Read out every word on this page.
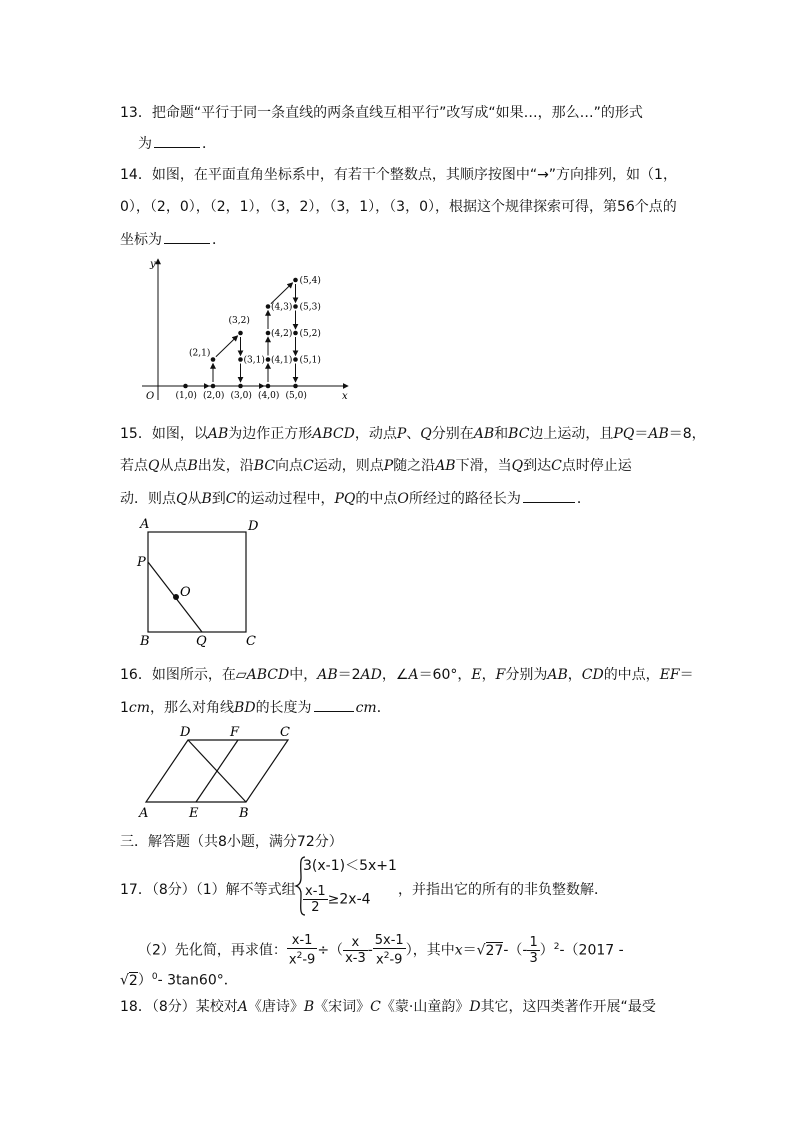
13．把命题“平行于同一条直线的两条直线互相平行”改写成“如果…，那么…”的形式
为	．
14．如图，在平面直角坐标系中，有若干个整数点，其顺序按图中“→”方向排列，如（1，
0），（2，0），（2，1），（3，2），（3，1），（3，0），根据这个规律探索可得，第56个点的
坐标为	．
y
x
O (1,0) (2,0)
(2,1)
(3,2)
(3,1)
(3,0) (4,0)
(4,1)
(4,2)
(4,3)
(5,4)
(5,3)
(5,2)
(5,1)
(5,0)
15．如图，以AB为边作正方形ABCD，动点P、Q分别在AB和BC边上运动，且PQ＝AB＝8，
若点Q从点B出发，沿BC向点C运动，则点P随之沿AB下滑，当Q到达C点时停止运
动．则点Q从B到C的运动过程中，PQ的中点O所经过的路径长为	．
A	D
P
O
B	Q	C
16．如图所示，在▱ABCD中，AB＝2AD，∠A＝60°，E，F分别为AB，CD的中点，EF＝
1cm，那么对角线BD的长度为	cm．
D	F	C
A	E	B
三．解答题（共8小题，满分72分）
17．（8分）（1）解不等式组
3(x-1)＜5x+1
$\frac{x-1}{2} \ge 2x-4$
，并指出它的所有的非负整数解．
（2）先化简，再求值： $\frac{x-1}{x^2-9}$ ÷（ $\frac{x}{x-3} - \frac{5x-1}{x^2-9}$ ），其中$x=√27-(- \frac{1}{3} )^2-(2017$ -
√2）$^0$- 3tan60°．
18．（8分）某校对A《唐诗》B《宋词》C《蒙·山童韵》D其它，这四类著作开展“最受
